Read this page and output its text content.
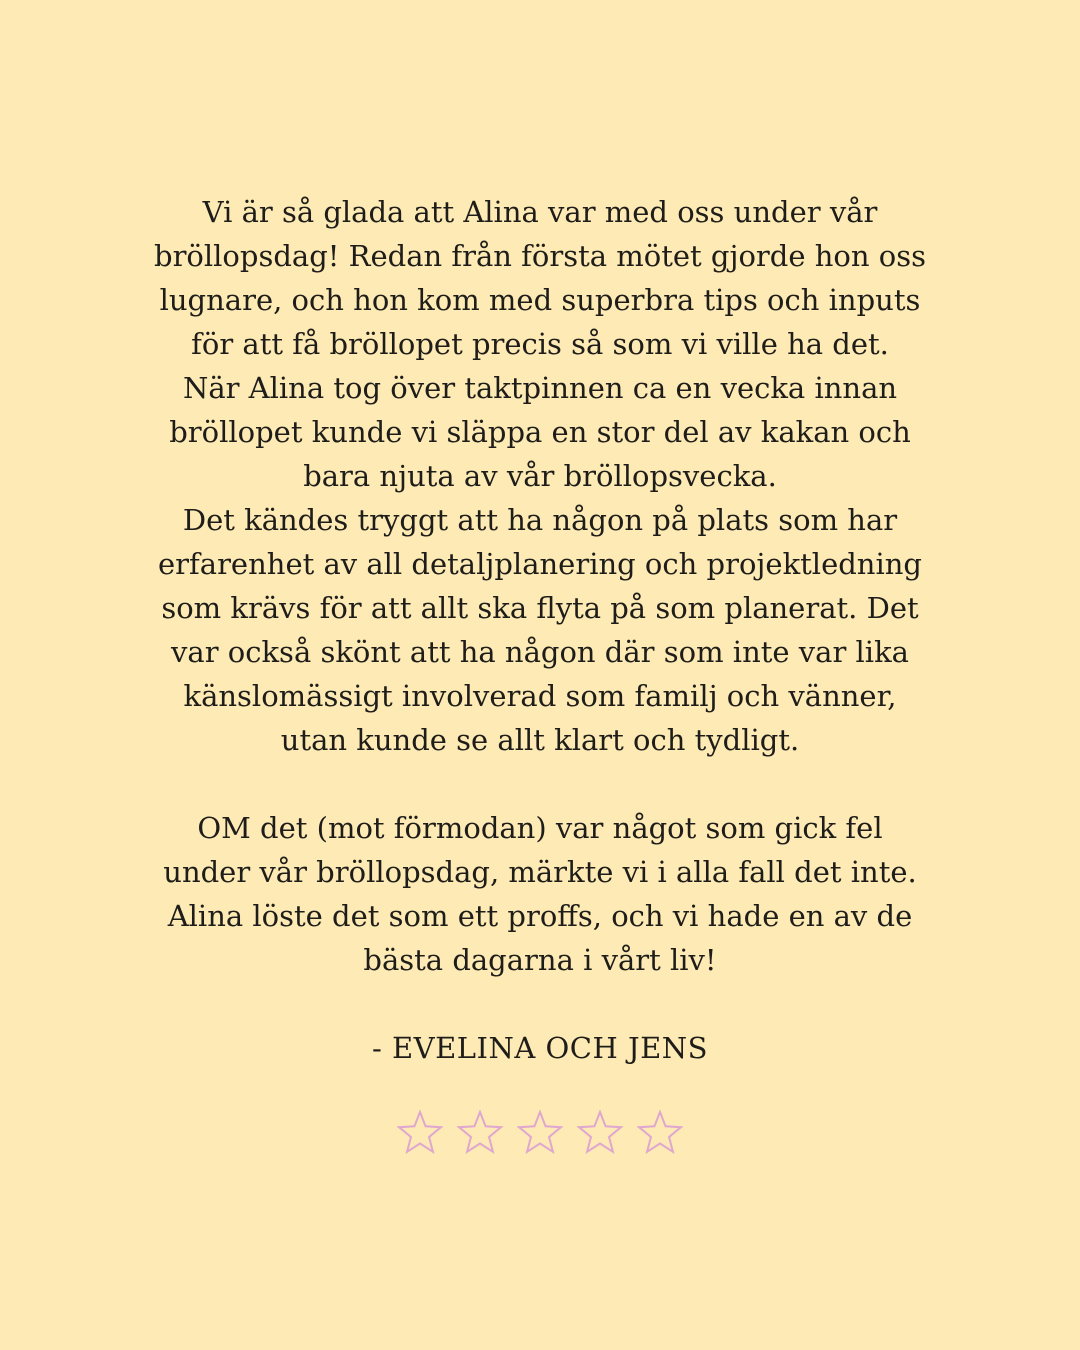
Vi är så glada att Alina var med oss under vår
bröllopsdag! Redan från första mötet gjorde hon oss
lugnare, och hon kom med superbra tips och inputs
för att få bröllopet precis så som vi ville ha det.
När Alina tog över taktpinnen ca en vecka innan
bröllopet kunde vi släppa en stor del av kakan och
bara njuta av vår bröllopsvecka.
Det kändes tryggt att ha någon på plats som har
erfarenhet av all detaljplanering och projektledning
som krävs för att allt ska flyta på som planerat. Det
var också skönt att ha någon där som inte var lika
känslomässigt involverad som familj och vänner,
utan kunde se allt klart och tydligt.
OM det (mot förmodan) var något som gick fel
under vår bröllopsdag, märkte vi i alla fall det inte.
Alina löste det som ett proffs, och vi hade en av de
bästa dagarna i vårt liv!
- EVELINA OCH JENS
